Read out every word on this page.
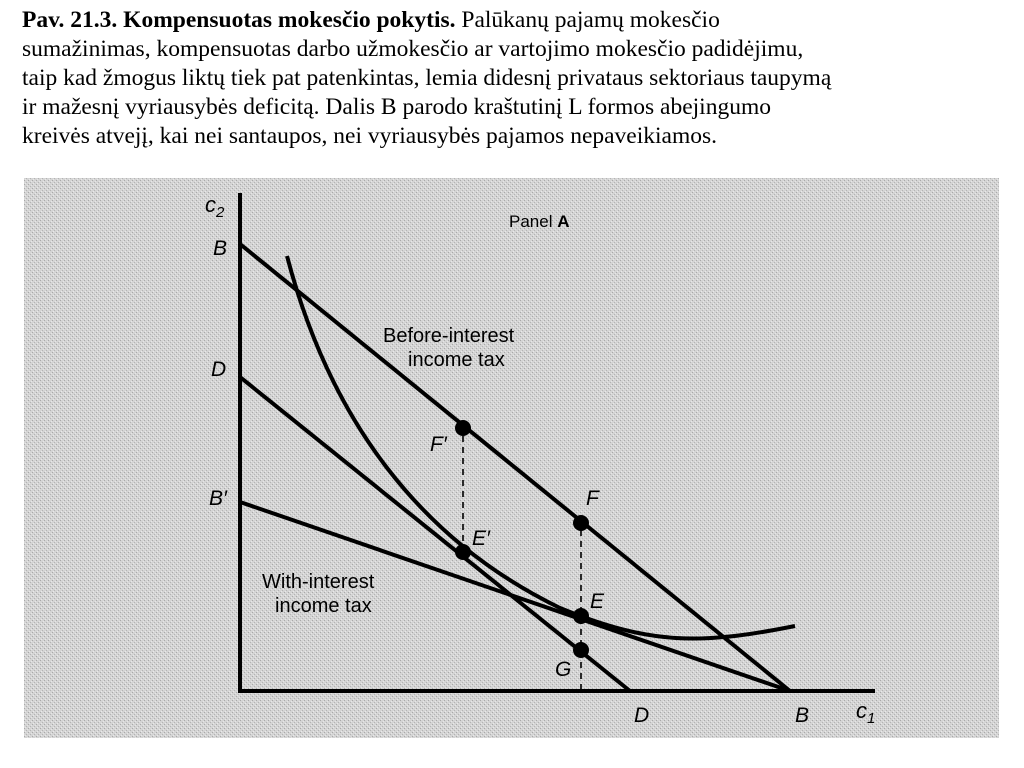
Pav. 21.3. Kompensuotas mokesčio pokytis. Palūkanų pajamų mokesčio
sumažinimas, kompensuotas darbo užmokesčio ar vartojimo mokesčio padidėjimu,
taip kad žmogus liktų tiek pat patenkintas, lemia didesnį privataus sektoriaus taupymą
ir mažesnį vyriausybės deficitą. Dalis B parodo kraštutinį L formos abejingumo
kreivės atvejį, kai nei santaupos, nei vyriausybės pajamos nepaveikiamos.
$c_2$
$c_1$
Panel A
B
D
B′
F′
F
E′
E
G
D	B
Before-interest
income tax
With-interest
income tax
